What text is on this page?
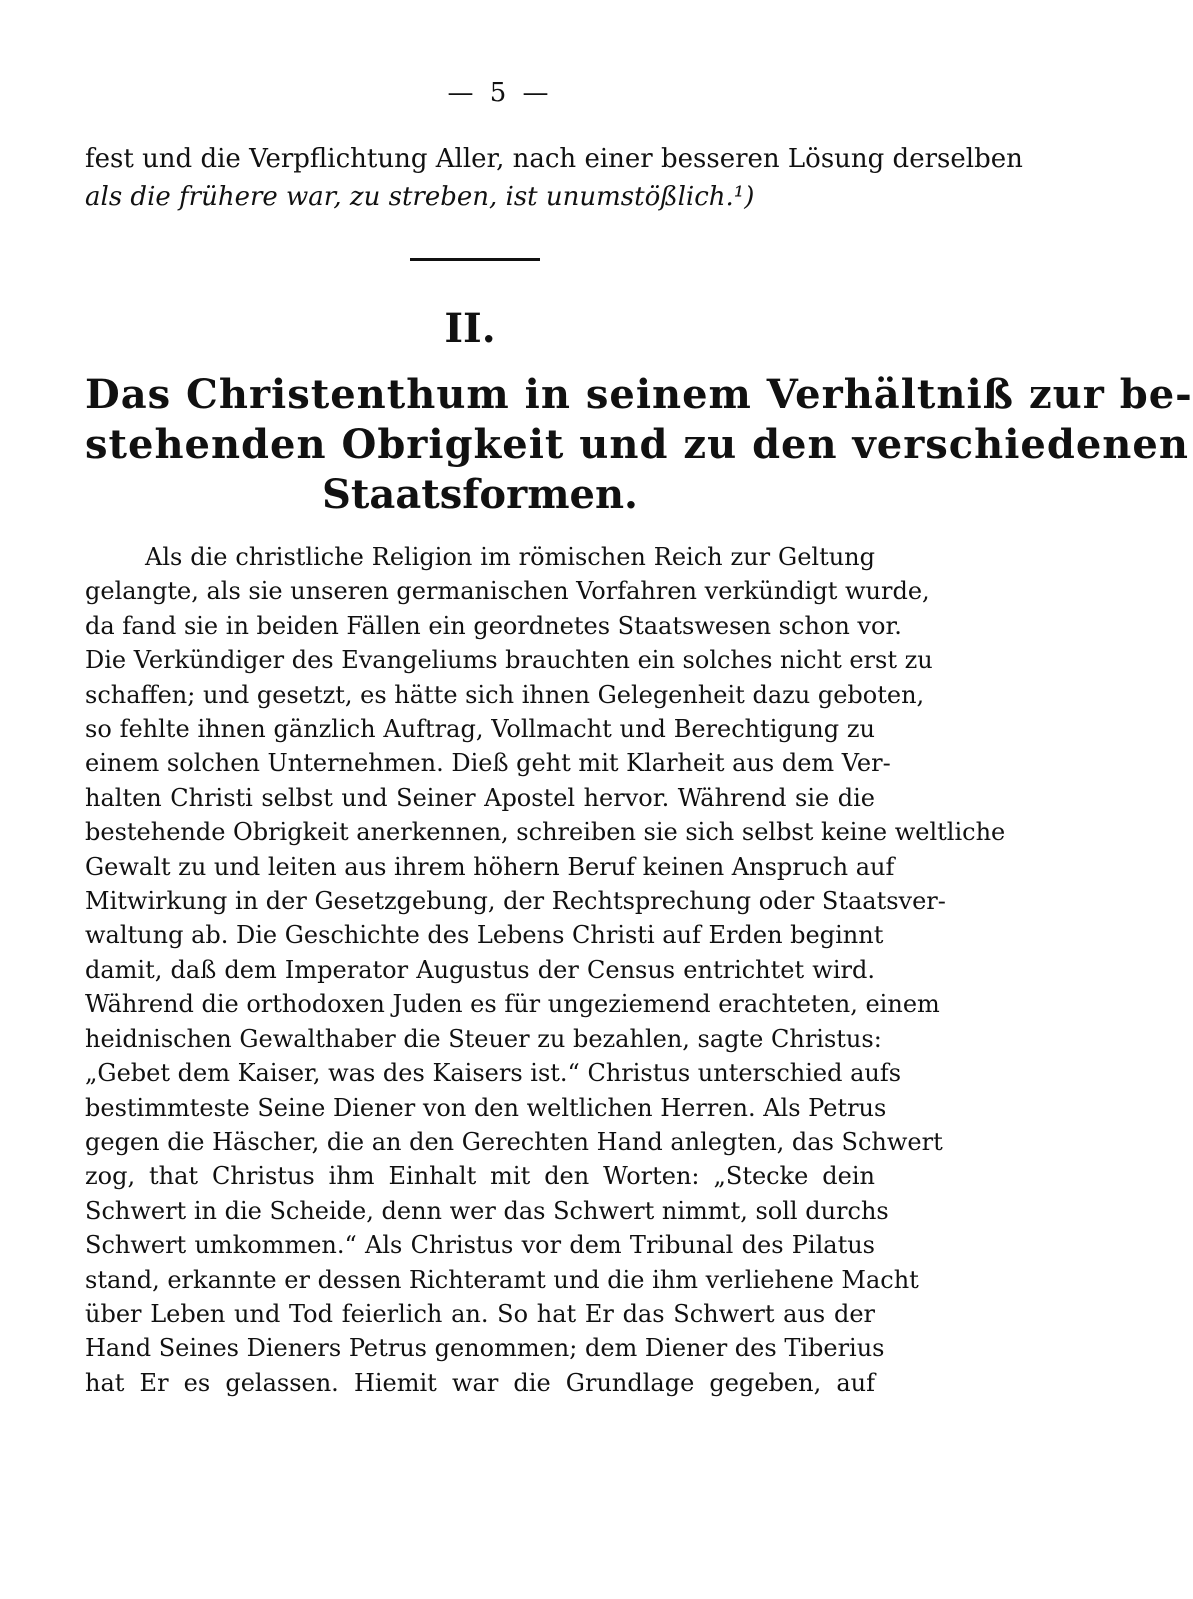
— 5 —
fest und die Verpflichtung Aller, nach einer besseren Lösung derselben
als die frühere war, zu streben, ist unumstößlich.¹)
II.
Das Christenthum in seinem Verhältniß zur be-
stehenden Obrigkeit und zu den verschiedenen
Staatsformen.
Als die christliche Religion im römischen Reich zur Geltung
gelangte, als sie unseren germanischen Vorfahren verkündigt wurde,
da fand sie in beiden Fällen ein geordnetes Staatswesen schon vor.
Die Verkündiger des Evangeliums brauchten ein solches nicht erst zu
schaffen; und gesetzt, es hätte sich ihnen Gelegenheit dazu geboten,
so fehlte ihnen gänzlich Auftrag, Vollmacht und Berechtigung zu
einem solchen Unternehmen. Dieß geht mit Klarheit aus dem Ver-
halten Christi selbst und Seiner Apostel hervor. Während sie die
bestehende Obrigkeit anerkennen, schreiben sie sich selbst keine weltliche
Gewalt zu und leiten aus ihrem höhern Beruf keinen Anspruch auf
Mitwirkung in der Gesetzgebung, der Rechtsprechung oder Staatsver-
waltung ab. Die Geschichte des Lebens Christi auf Erden beginnt
damit, daß dem Imperator Augustus der Census entrichtet wird.
Während die orthodoxen Juden es für ungeziemend erachteten, einem
heidnischen Gewalthaber die Steuer zu bezahlen, sagte Christus:
„Gebet dem Kaiser, was des Kaisers ist.“ Christus unterschied aufs
bestimmteste Seine Diener von den weltlichen Herren. Als Petrus
gegen die Häscher, die an den Gerechten Hand anlegten, das Schwert
zog, that Christus ihm Einhalt mit den Worten: „Stecke dein
Schwert in die Scheide, denn wer das Schwert nimmt, soll durchs
Schwert umkommen.“ Als Christus vor dem Tribunal des Pilatus
stand, erkannte er dessen Richteramt und die ihm verliehene Macht
über Leben und Tod feierlich an. So hat Er das Schwert aus der
Hand Seines Dieners Petrus genommen; dem Diener des Tiberius
hat Er es gelassen. Hiemit war die Grundlage gegeben, auf
